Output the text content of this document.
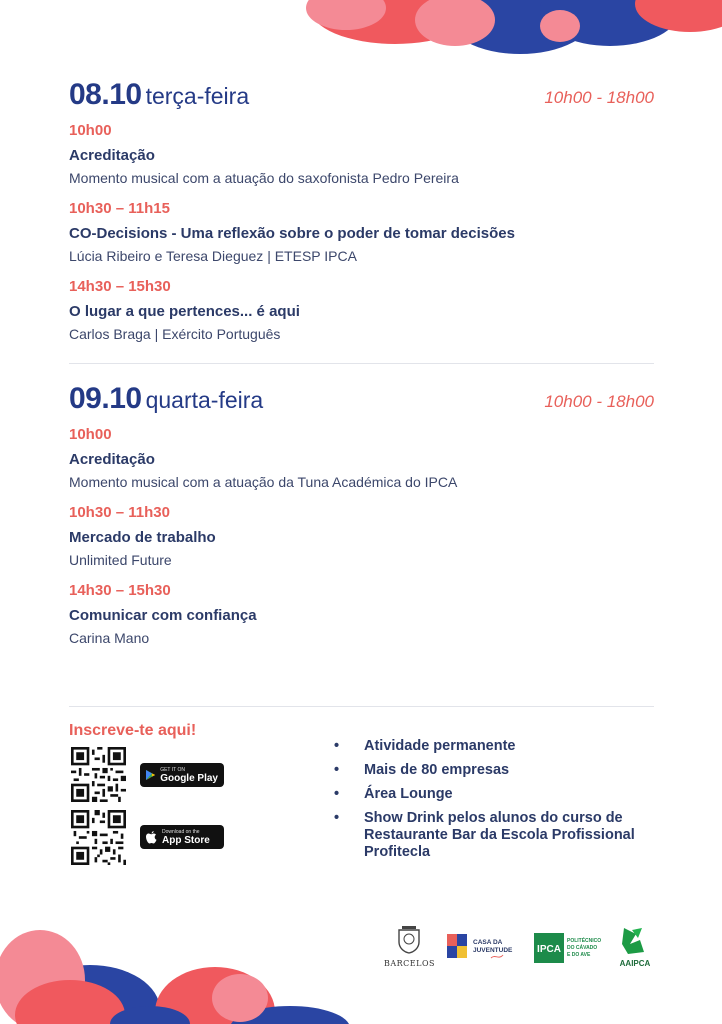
08.10 terça-feira	10h00 - 18h00
10h00
Acreditação
Momento musical com a atuação do saxofonista Pedro Pereira
10h30 – 11h15
CO-Decisions - Uma reflexão sobre o poder de tomar decisões
Lúcia Ribeiro e Teresa Dieguez | ETESP IPCA
14h30 – 15h30
O lugar a que pertences... é aqui
Carlos Braga | Exército Português
09.10 quarta-feira	10h00 - 18h00
10h00
Acreditação
Momento musical com a atuação da Tuna Académica do IPCA
10h30 – 11h30
Mercado de trabalho
Unlimited Future
14h30 – 15h30
Comunicar com confiança
Carina Mano
Inscreve-te aqui!
GET IT ON
Google Play
Download on the
App Store
• Atividade permanente
• Mais de 80 empresas
• Área Lounge
• Show Drink pelos alunos do curso de Restaurante Bar da Escola Profissional Profitecla
BARCELOS
CASA DA
JUVENTUDE IPCA
POLITÉCNICO
DO CÁVADO
E DO AVE
AAIPCA
